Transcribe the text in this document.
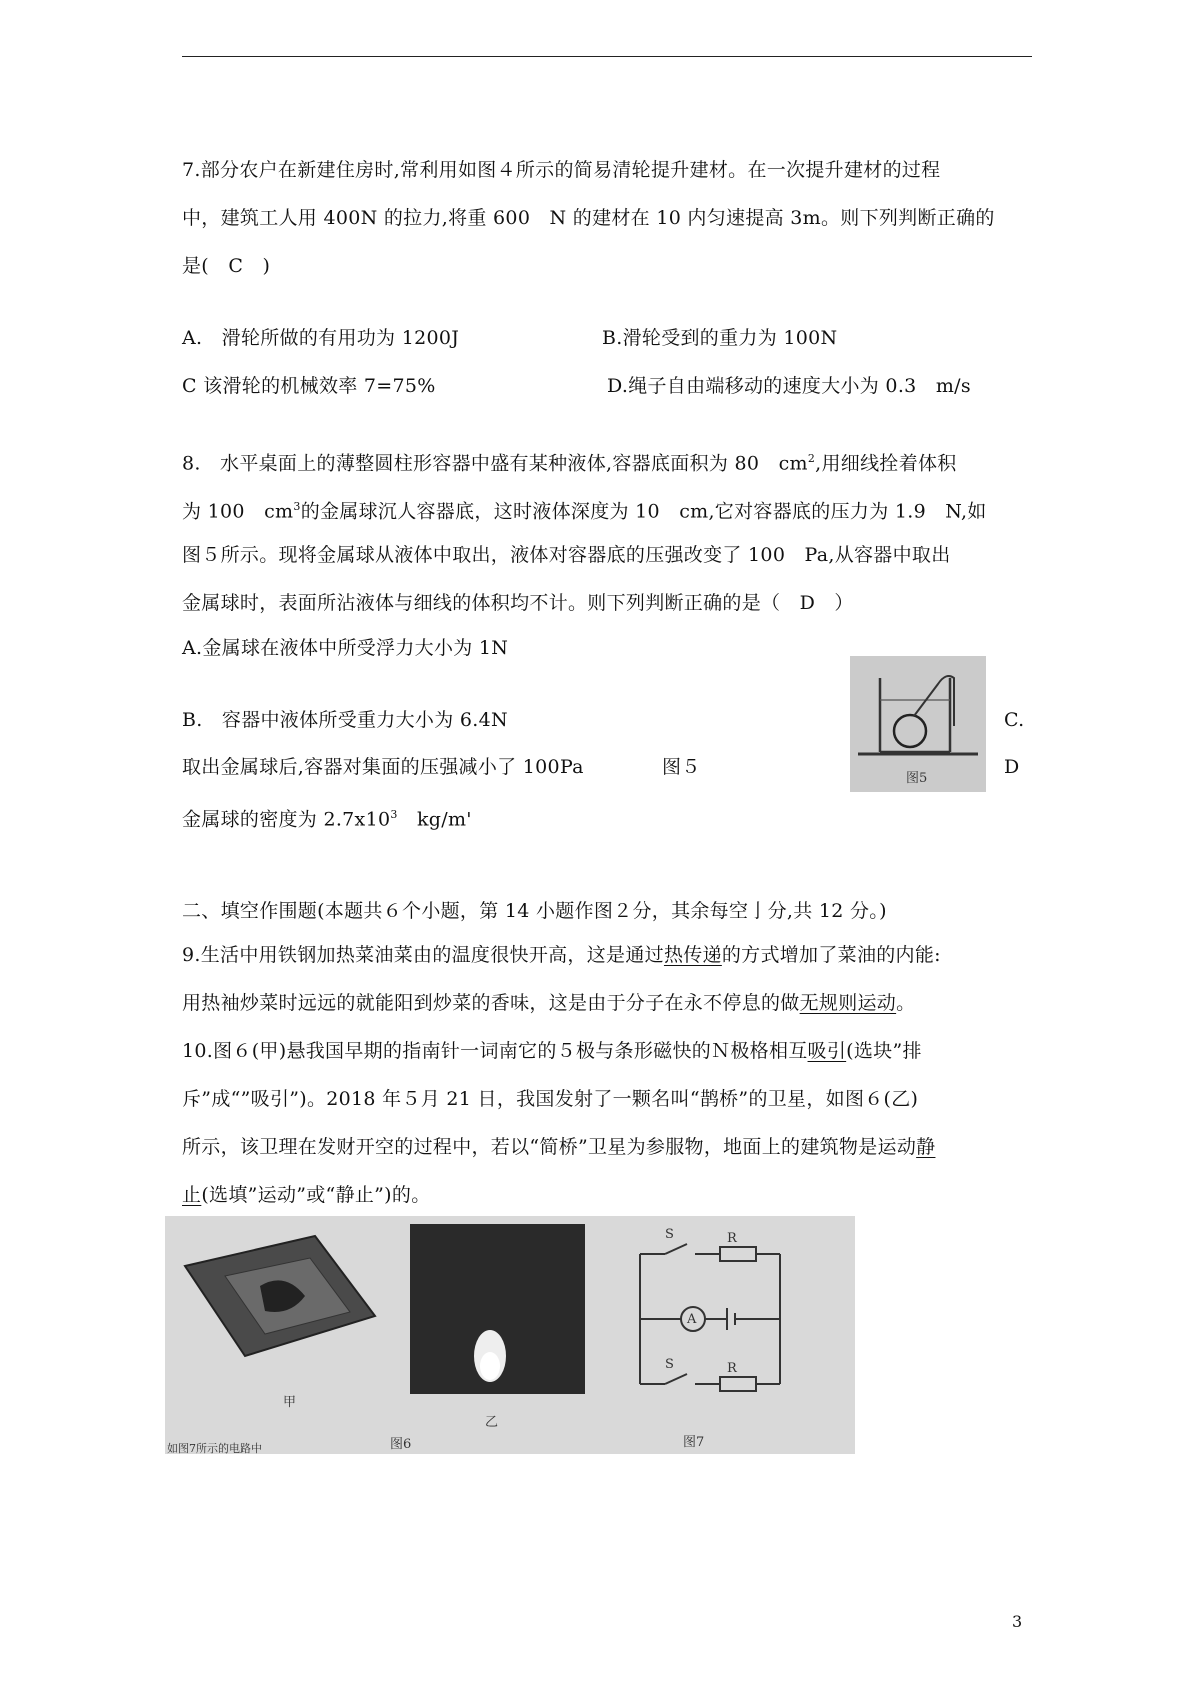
7.部分农户在新建住房时,常利用如图４所示的简易清轮提升建材。在一次提升建材的过程
中，建筑工人用 400N 的拉力,将重 600　N 的建材在 10 内匀速提高 3m。则下列判断正确的
是(　C　)
A.　滑轮所做的有用功为 1200J	B.滑轮受到的重力为 100N
C 该滑轮的机械效率 7=75%	D.绳子自由端移动的速度大小为 0.3　m/s
8.　水平桌面上的薄整圆柱形容器中盛有某种液体,容器底面积为 80　$cm^2$,用细线拴着体积
为 100　$cm^3$的金属球沉人容器底，这时液体深度为 10　cm,它对容器底的压力为 1.9　N,如
图５所示。现将金属球从液体中取出，液体对容器底的压强改变了 100　Pa,从容器中取出
金属球时，表面所沾液体与细线的体积均不计。则下列判断正确的是（　D　）
A.金属球在液体中所受浮力大小为 1N
B.　容器中液体所受重力大小为 6.4N	C.
取出金属球后,容器对集面的压强减小了 100Pa	图５	D
金属球的密度为 $2.7x10^3$　kg/m'
二、填空作围题(本题共６个小题，第 14 小题作图２分，其余每空亅分,共 12 分。)
9.生活中用铁钢加热菜油菜由的温度很快开高，这是通过热传递的方式增加了菜油的内能:
用热袖炒菜时远远的就能阳到炒菜的香味，这是由于分子在永不停息的做无规则运动。
10.图６(甲)悬我国早期的指南针一词南它的５极与条形磁快的Ｎ极格相互吸引(选块”排
斥”成“”吸引”)。2018 年５月 21 日，我国发射了一颗名叫“鹊桥”的卫星，如图６(乙)
所示，该卫理在发财开空的过程中，若以“简桥”卫星为参服物，地面上的建筑物是运动静
止(选填”运动”或“静止”)的。
图5
甲
乙
图6
A
S	R
S	R
图7
如图7所示的电路中
3
